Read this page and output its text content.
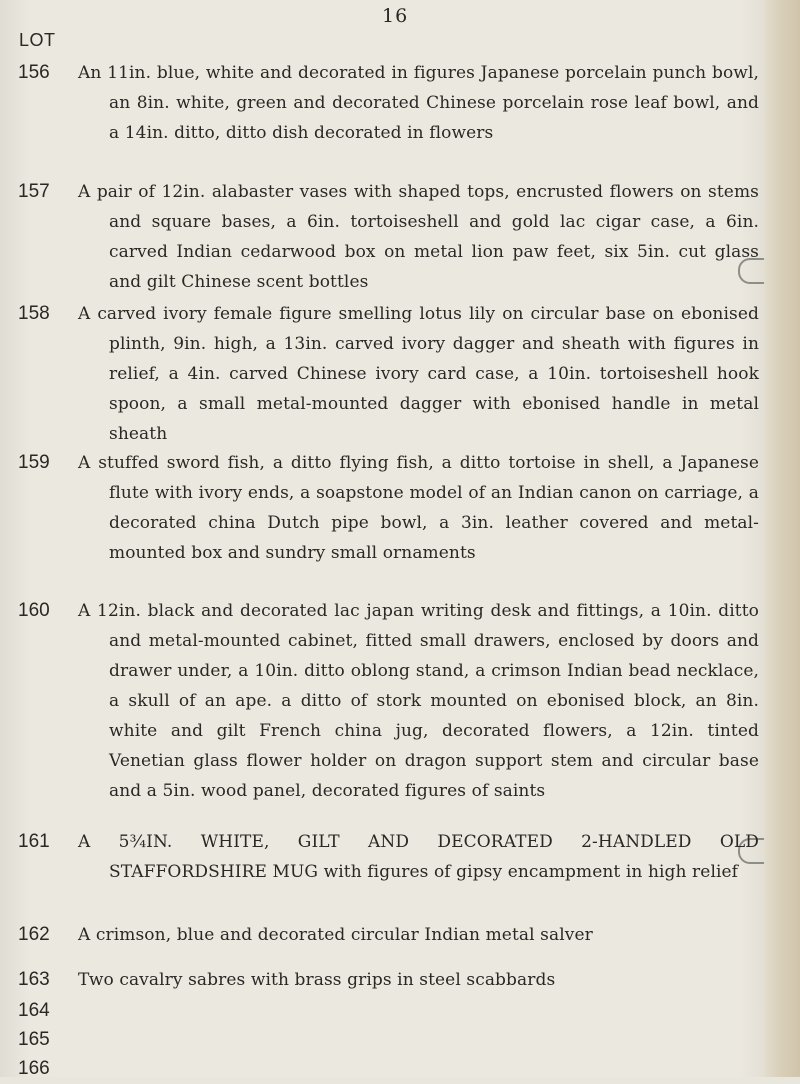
16
LOT
156 An 11in. blue, white and decorated in figures Japanese porcelain punch bowl, an 8in. white, green and decorated Chinese porcelain rose leaf bowl, and a 14in. ditto, ditto dish decorated in flowers
157 A pair of 12in. alabaster vases with shaped tops, encrusted flowers on stems and square bases, a 6in. tortoiseshell and gold lac cigar case, a 6in. carved Indian cedarwood box on metal lion paw feet, six 5in. cut glass and gilt Chinese scent bottles
158 A carved ivory female figure smelling lotus lily on circular base on ebonised plinth, 9in. high, a 13in. carved ivory dagger and sheath with figures in relief, a 4in. carved Chinese ivory card case, a 10in. tortoiseshell hook spoon, a small metal-mounted dagger with ebonised handle in metal sheath
159 A stuffed sword fish, a ditto flying fish, a ditto tortoise in shell, a Japanese flute with ivory ends, a soapstone model of an Indian canon on carriage, a decorated china Dutch pipe bowl, a 3in. leather covered and metal-mounted box and sundry small ornaments
160 A 12in. black and decorated lac japan writing desk and fittings, a 10in. ditto and metal-mounted cabinet, fitted small drawers, enclosed by doors and drawer under, a 10in. ditto oblong stand, a crimson Indian bead necklace, a skull of an ape. a ditto of stork mounted on ebonised block, an 8in. white and gilt French china jug, decorated flowers, a 12in. tinted Venetian glass flower holder on dragon support stem and circular base and a 5in. wood panel, decorated figures of saints
161 A 5¾IN. WHITE, GILT AND DECORATED 2-HANDLED OLD STAFFORDSHIRE MUG with figures of gipsy encampment in high relief
162 A crimson, blue and decorated circular Indian metal salver
163 Two cavalry sabres with brass grips in steel scabbards
164
165
166
